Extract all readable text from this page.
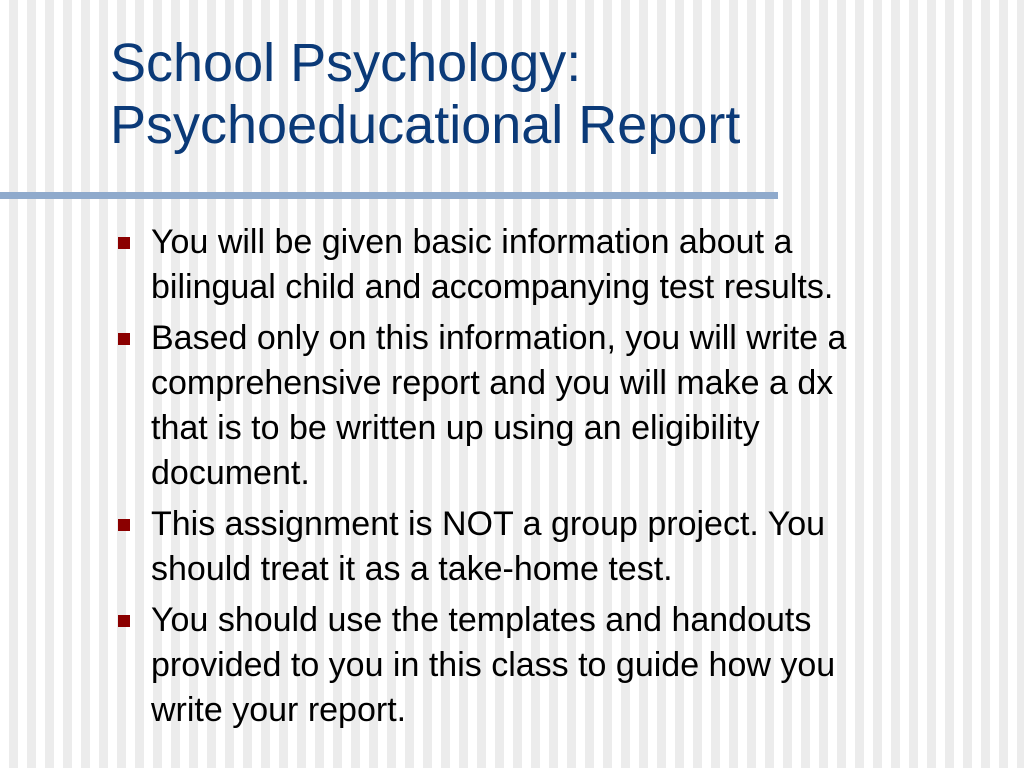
School Psychology:
Psychoeducational Report
You will be given basic information about a
bilingual child and accompanying test results.
Based only on this information, you will write a
comprehensive report and you will make a dx
that is to be written up using an eligibility
document.
This assignment is NOT a group project. You
should treat it as a take-home test.
You should use the templates and handouts
provided to you in this class to guide how you
write your report.
